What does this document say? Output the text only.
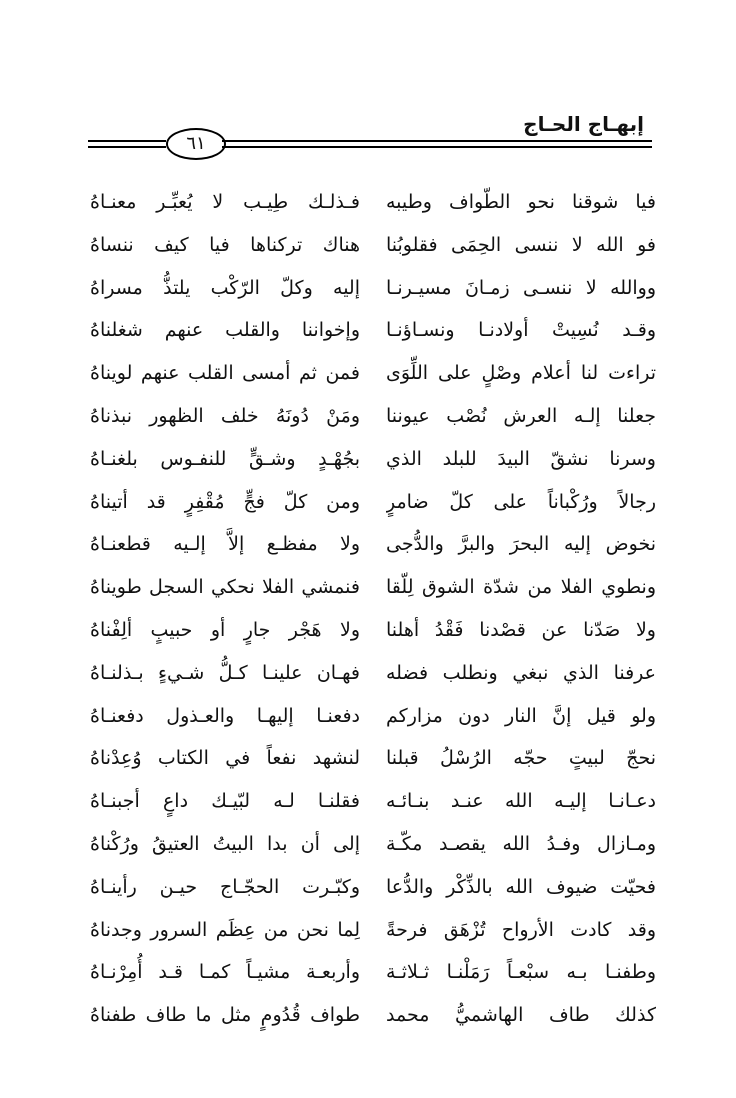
إبهـاج الحـاج
٦١
فيا شوقنا نحو الطّواف وطيبه
فـذلـك طِيـب لا يُعبِّـر معنـاهُ
فو الله لا ننسى الحِمَى فقلوبُنا
هناك تركناها فيا كيف ننساهُ
ووالله لا ننسـى زمـانَ مسيـرنـا
إليه وكلّ الرّكْب يلتذُّ مسراهُ
وقـد نُسِيتْ أولادنـا ونسـاؤنـا
وإخواننا والقلب عنهم شغلناهُ
تراءت لنا أعلام وصْلٍ على اللِّوَى
فمن ثم أمسى القلب عنهم لويناهُ
جعلنا إلـه العرش نُصْب عيوننا
ومَنْ دُونَهُ خلف الظهور نبذناهُ
وسرنا نشقّ البيدَ للبلد الذي
بجُهْـدٍ وشـقٍّ للنفـوس بلغنـاهُ
رجالاً ورُكْباناً على كلّ ضامرٍ
ومن كلّ فجٍّ مُقْفِرٍ قد أتيناهُ
نخوض إليه البحرَ والبرَّ والدُّجى
ولا مفظـع إلاَّ إلـيه قطعنـاهُ
ونطوي الفلا من شدّة الشوق لِلّقا
فنمشي الفلا نحكي السجل طويناهُ
ولا صَدّنا عن قصْدنا فَقْدُ أهلنا
ولا هَجْر جارٍ أو حبيبٍ ألِفْناهُ
عرفنا الذي نبغي ونطلب فضله
فهـان علينـا كـلُّ شـيءٍ بـذلنـاهُ
ولو قيل إنَّ النار دون مزاركم
دفعنـا إليهـا والعـذول دفعنـاهُ
نحجّ لبيتٍ حجّه الرُسْلُ قبلنا
لنشهد نفعاً في الكتاب وُعِدْناهُ
دعـانـا إليـه الله عنـد بنـائـه
فقلنـا لـه لبّيـك داعٍ أجبنـاهُ
ومـازال وفـدُ الله يقصـد مكّـة
إلى أن بدا البيتُ العتيقُ ورُكْناهُ
فحيّت ضيوف الله بالذِّكْر والدُّعا
وكبّـرت الحجّـاج حيـن رأينـاهُ
وقد كادت الأرواح تُزْهَق فرحةً
لِما نحن من عِظَم السرور وجدناهُ
وطفنـا بـه سبْعـاً رَمَلْنـا ثـلاثـة
وأربعـة مشيـاً كمـا قـد أُمِرْنـاهُ
كذلك طاف الهاشميُّ محمد
طواف قُدُومٍ مثل ما طاف طفناهُ
